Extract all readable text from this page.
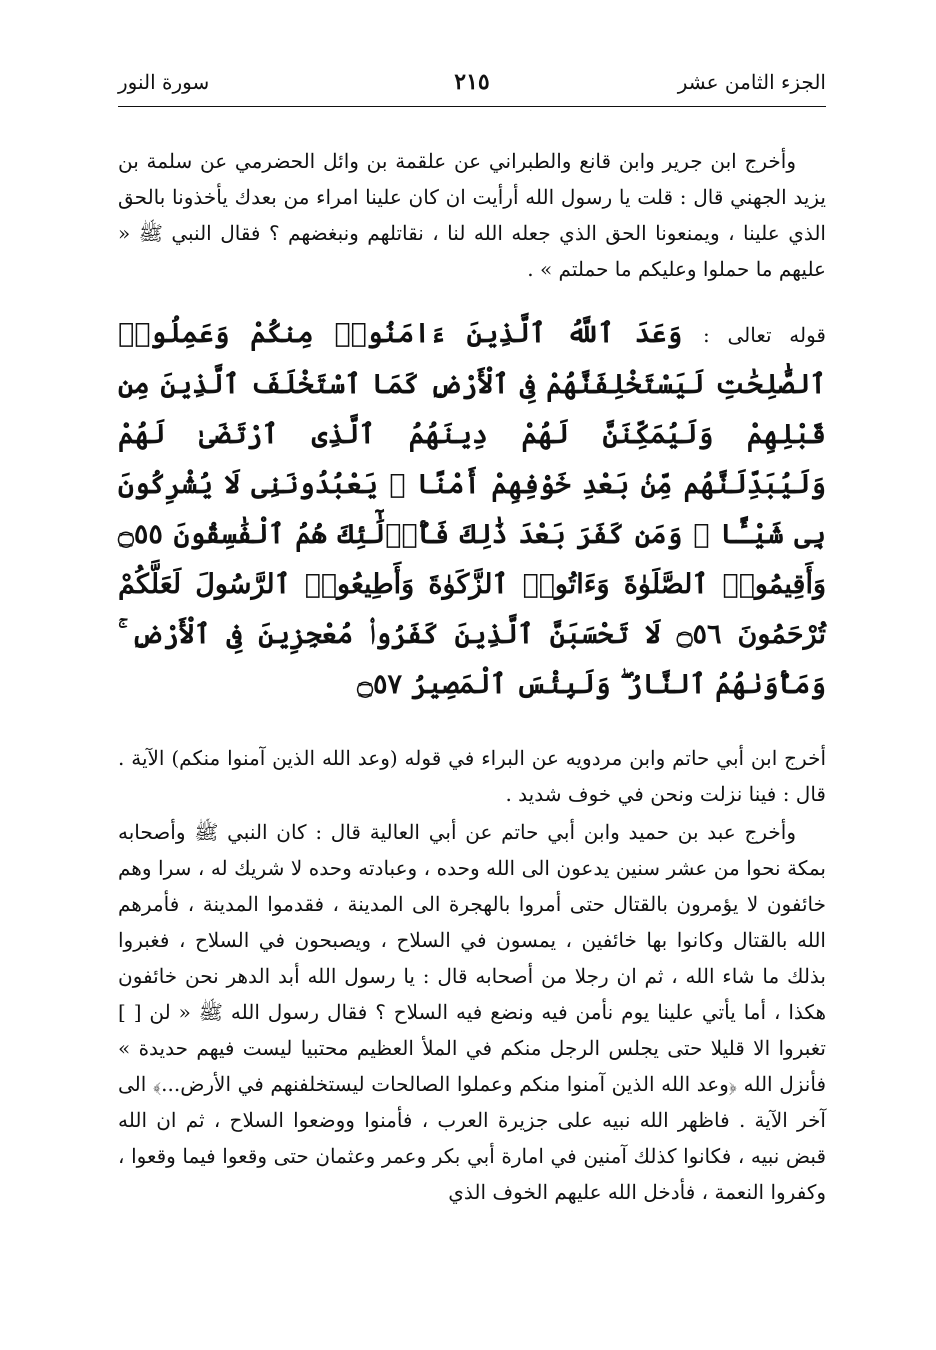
الجزء الثامن عشر
٢١٥
سورة النور

وأخرج ابن جرير وابن قانع والطبراني عن علقمة بن وائل الحضرمي عن سلمة بن يزيد الجهني قال : قلت يا رسول الله أرأيت ان كان علينا امراء من بعدك يأخذونا بالحق الذي علينا ، ويمنعونا الحق الذي جعله الله لنا ، نقاتلهم ونبغضهم ؟ فقال النبي ﷺ « عليهم ما حملوا وعليكم ما حملتم » .

قوله تعالى : وَعَدَ ٱللَّهُ ٱلَّذِينَ ءَامَنُوا۟ مِنكُمْ وَعَمِلُوا۟ ٱلصَّٰلِحَٰتِ لَيَسْتَخْلِفَنَّهُمْ فِى ٱلْأَرْضِ كَمَا ٱسْتَخْلَفَ ٱلَّذِينَ مِن قَبْلِهِمْ وَلَيُمَكِّنَنَّ لَهُمْ دِينَهُمُ ٱلَّذِى ٱرْتَضَىٰ لَهُمْ وَلَيُبَدِّلَنَّهُم مِّنۢ بَعْدِ خَوْفِهِمْ أَمْنًا ۚ يَعْبُدُونَنِى لَا يُشْرِكُونَ بِى شَيْـًٔا ۚ وَمَن كَفَرَ بَعْدَ ذَٰلِكَ فَأُو۟لَٰٓئِكَ هُمُ ٱلْفَٰسِقُونَ ۝٥٥ وَأَقِيمُوا۟ ٱلصَّلَوٰةَ وَءَاتُوا۟ ٱلزَّكَوٰةَ وَأَطِيعُوا۟ ٱلرَّسُولَ لَعَلَّكُمْ تُرْحَمُونَ ۝٥٦ لَا تَحْسَبَنَّ ٱلَّذِينَ كَفَرُوا۟ مُعْجِزِينَ فِى ٱلْأَرْضِ ۚ وَمَأْوَىٰهُمُ ٱلنَّارُ ۖ وَلَبِئْسَ ٱلْمَصِيرُ ۝٥٧

أخرج ابن أبي حاتم وابن مردويه عن البراء في قوله (وعد الله الذين آمنوا منكم) الآية . قال : فينا نزلت ونحن في خوف شديد .

وأخرج عبد بن حميد وابن أبي حاتم عن أبي العالية قال : كان النبي ﷺ وأصحابه بمكة نحوا من عشر سنين يدعون الى الله وحده ، وعبادته وحده لا شريك له ، سرا وهم خائفون لا يؤمرون بالقتال حتى أمروا بالهجرة الى المدينة ، فقدموا المدينة ، فأمرهم الله بالقتال وكانوا بها خائفين ، يمسون في السلاح ، ويصبحون في السلاح ، فغبروا بذلك ما شاء الله ، ثم ان رجلا من أصحابه قال : يا رسول الله أبد الدهر نحن خائفون هكذا ، أما يأتي علينا يوم نأمن فيه ونضع فيه السلاح ؟ فقال رسول الله ﷺ « لن [ ] تغبروا الا قليلا حتى يجلس الرجل منكم في الملأ العظيم محتبيا ليست فيهم حديدة » فأنزل الله ﴿وعد الله الذين آمنوا منكم وعملوا الصالحات ليستخلفنهم في الأرض...﴾ الى آخر الآية . فاظهر الله نبيه على جزيرة العرب ، فأمنوا ووضعوا السلاح ، ثم ان الله قبض نبيه ، فكانوا كذلك آمنين في امارة أبي بكر وعمر وعثمان حتى وقعوا فيما وقعوا ، وكفروا النعمة ، فأدخل الله عليهم الخوف الذي
